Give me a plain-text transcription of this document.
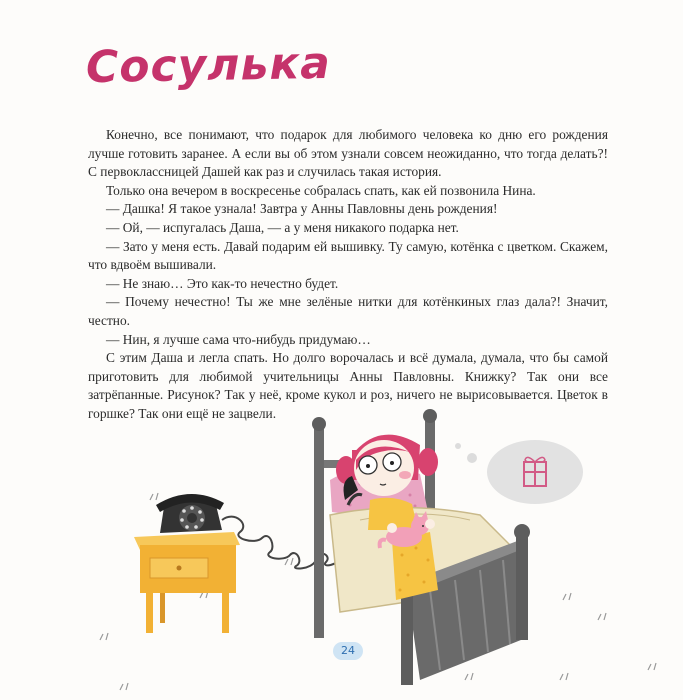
Сосулька

Конечно, все понимают, что подарок для любимого человека ко дню его рождения лучше готовить заранее. А если вы об этом узнали совсем неожиданно, что тогда делать?! С первоклассницей Дашей как раз и случилась такая история.

Только она вечером в воскресенье собралась спать, как ей позвонила Нина.

— Дашка! Я такое узнала! Завтра у Анны Павловны день рождения!

— Ой, — испугалась Даша, — а у меня никакого подарка нет.

— Зато у меня есть. Давай подарим ей вышивку. Ту самую, котёнка с цветком. Скажем, что вдвоём вышивали.

— Не знаю… Это как-то нечестно будет.

— Почему нечестно! Ты же мне зелёные нитки для котёнкиных глаз дала?! Значит, честно.

— Нин, я лучше сама что-нибудь придумаю…

С этим Даша и легла спать. Но долго ворочалась и всё думала, думала, что бы самой приготовить для любимой учительницы Анны Павловны. Книжку? Так они все затрёпанные. Рисунок? Так у неё, кроме кукол и роз, ничего не вырисовывается. Цветок в горшке? Так они ещё не зацвели.

24
